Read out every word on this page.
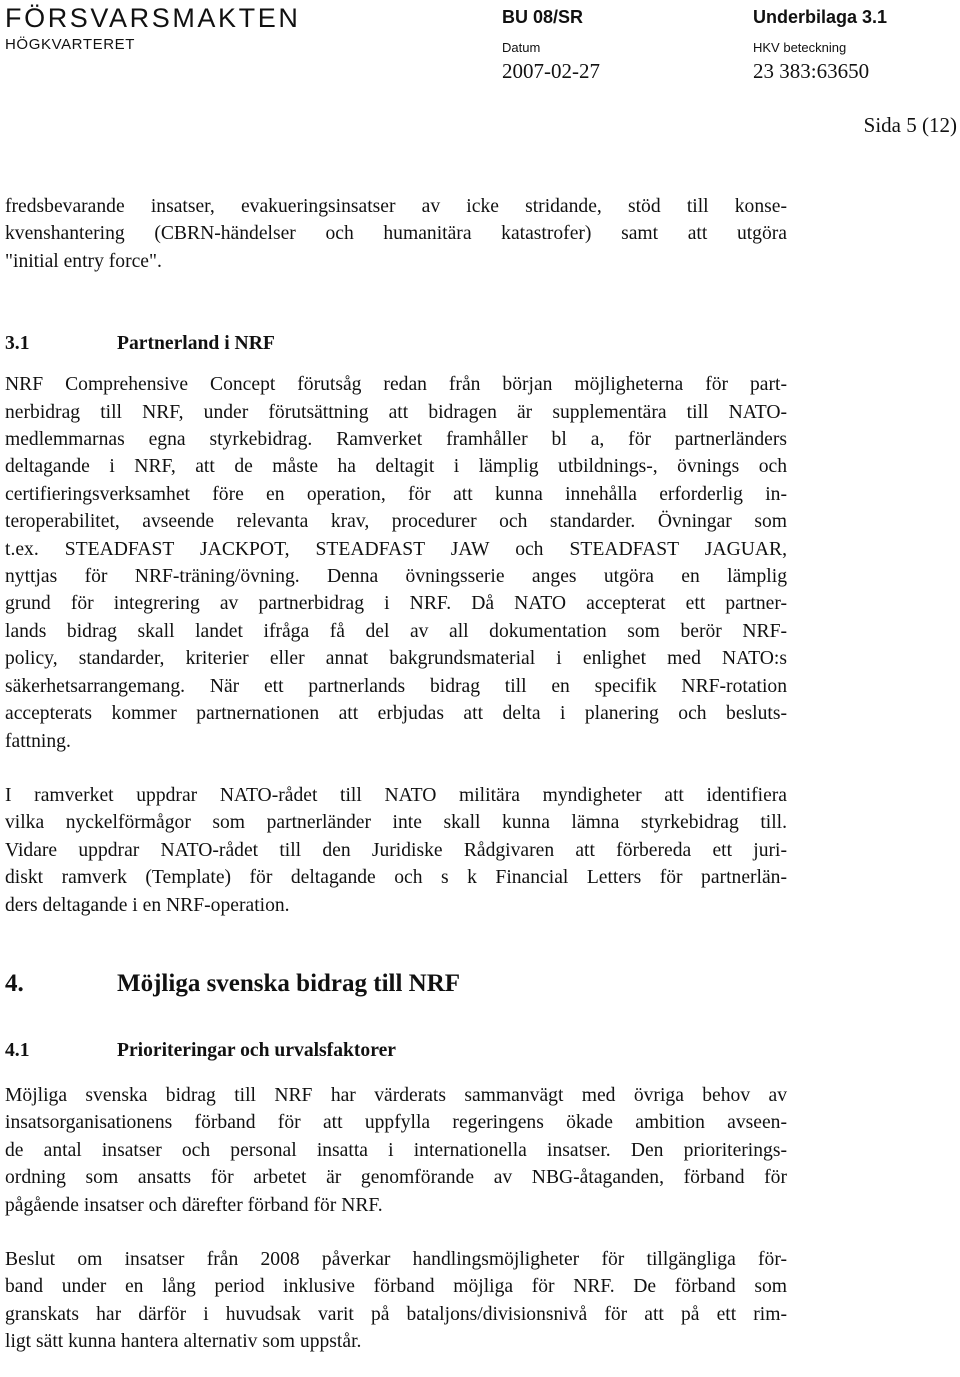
FÖRSVARSMAKTEN
HÖGKVARTERET
BU 08/SR	Underbilaga 3.1
Datum	HKV beteckning
2007-02-27	23 383:63650
Sida 5 (12)

fredsbevarande insatser, evakueringsinsatser av icke stridande, stöd till konse-
kvenshantering (CBRN-händelser och humanitära katastrofer) samt att utgöra
"initial entry force".

3.1	Partnerland i NRF

NRF Comprehensive Concept förutsåg redan från början möjligheterna för part-
nerbidrag till NRF, under förutsättning att bidragen är supplementära till NATO-
medlemmarnas egna styrkebidrag. Ramverket framhåller bl a, för partnerländers
deltagande i NRF, att de måste ha deltagit i lämplig utbildnings-, övnings och
certifieringsverksamhet före en operation, för att kunna innehålla erforderlig in-
teroperabilitet, avseende relevanta krav, procedurer och standarder. Övningar som
t.ex. STEADFAST JACKPOT, STEADFAST JAW och STEADFAST JAGUAR,
nyttjas för NRF-träning/övning. Denna övningsserie anges utgöra en lämplig
grund för integrering av partnerbidrag i NRF. Då NATO accepterat ett partner-
lands bidrag skall landet ifråga få del av all dokumentation som berör NRF-
policy, standarder, kriterier eller annat bakgrundsmaterial i enlighet med NATO:s
säkerhetsarrangemang. När ett partnerlands bidrag till en specifik NRF-rotation
accepterats kommer partnernationen att erbjudas att delta i planering och besluts-
fattning.

I ramverket uppdrar NATO-rådet till NATO militära myndigheter att identifiera
vilka nyckelförmågor som partnerländer inte skall kunna lämna styrkebidrag till.
Vidare uppdrar NATO-rådet till den Juridiske Rådgivaren att förbereda ett juri-
diskt ramverk (Template) för deltagande och s k Financial Letters för partnerlän-
ders deltagande i en NRF-operation.

4.	Möjliga svenska bidrag till NRF
4.1	Prioriteringar och urvalsfaktorer

Möjliga svenska bidrag till NRF har värderats sammanvägt med övriga behov av
insatsorganisationens förband för att uppfylla regeringens ökade ambition avseen-
de antal insatser och personal insatta i internationella insatser. Den prioriterings-
ordning som ansatts för arbetet är genomförande av NBG-åtaganden, förband för
pågående insatser och därefter förband för NRF.

Beslut om insatser från 2008 påverkar handlingsmöjligheter för tillgängliga för-
band under en lång period inklusive förband möjliga för NRF. De förband som
granskats har därför i huvudsak varit på bataljons/divisionsnivå för att på ett rim-
ligt sätt kunna hantera alternativ som uppstår.
